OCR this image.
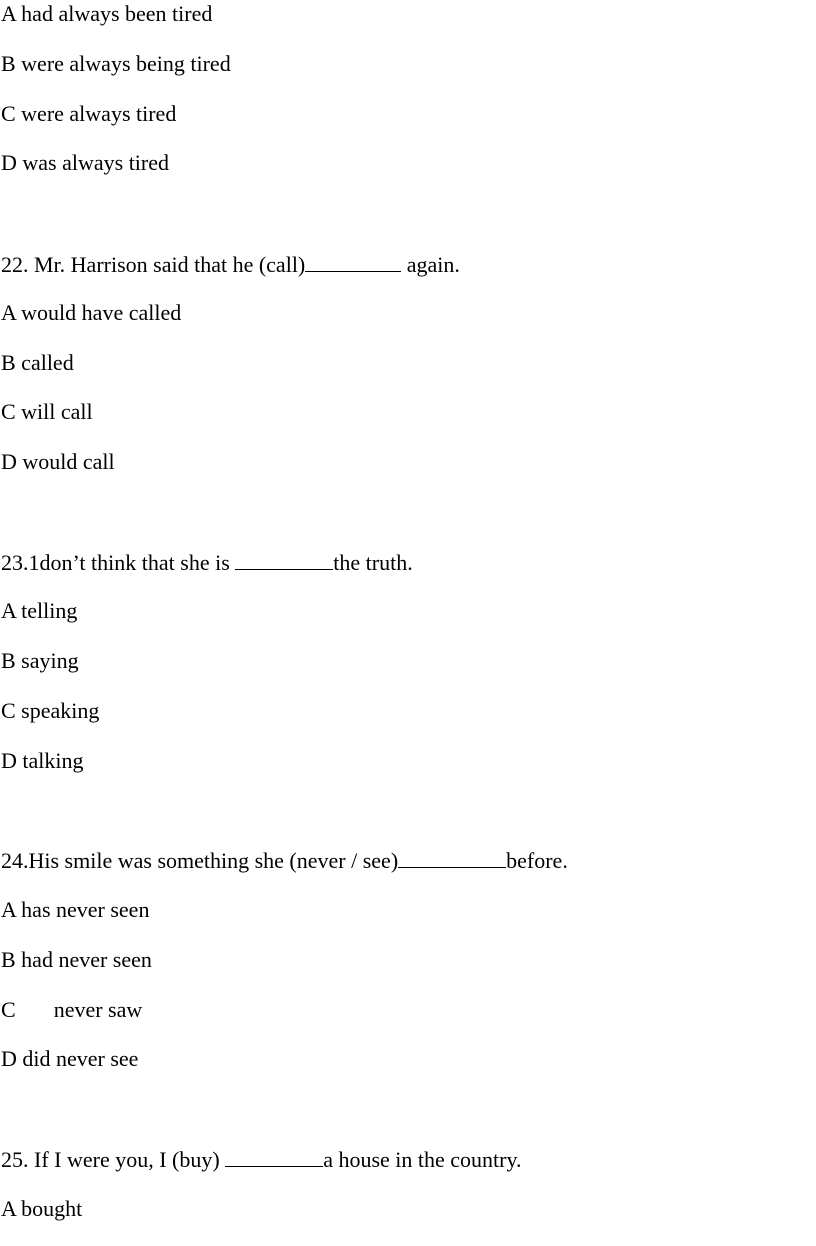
A had always been tired
B were always being tired
C were always tired
D was always tired
22. Mr. Harrison said that he (call)	again.
A would have called
B called
C will call
D would call
23.1don’t think that she is	the truth.
A telling
B saying
C speaking
D talking
24.His smile was something she (never / see)	before.
A has never seen
B had never seen
C never saw
D did never see
25. If I were you, I (buy)	a house in the country.
A bought
